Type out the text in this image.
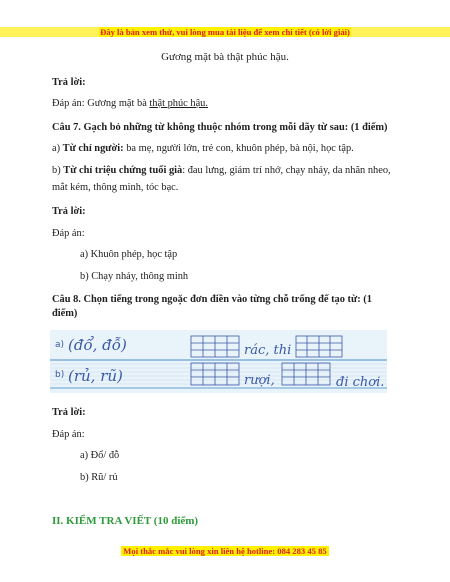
Đây là bản xem thử, vui lòng mua tài liệu để xem chi tiết (có lời giải)
Gương mặt bà thật phúc hậu.
Trả lời:
Đáp án: Gương mặt bà thật phúc hậu.
Câu 7. Gạch bỏ những từ không thuộc nhóm trong mỗi dãy từ sau: (1 điểm)
a) Từ chỉ người: ba mẹ, người lớn, trẻ con, khuôn phép, bà nội, học tập.
b) Từ chỉ triệu chứng tuổi già: đau lưng, giảm trí nhớ, chạy nhảy, da nhăn nheo,
mắt kém, thông minh, tóc bạc.
Trả lời:
Đáp án:
a) Khuôn phép, học tập
b) Chạy nhảy, thông minh
Câu 8. Chọn tiếng trong ngoặc đơn điền vào từng chỗ trống để tạo từ: (1
điểm)
a) (đổ, đỗ)	rác, thi
b) (rủ, rũ)	rượi,	đi chơi.
Trả lời:
Đáp án:
a) Đổ/ đỗ
b) Rũ/ rủ
II. KIỂM TRA VIẾT (10 điểm)
Mọi thắc mắc vui lòng xin liên hệ hotline: 084 283 45 85
